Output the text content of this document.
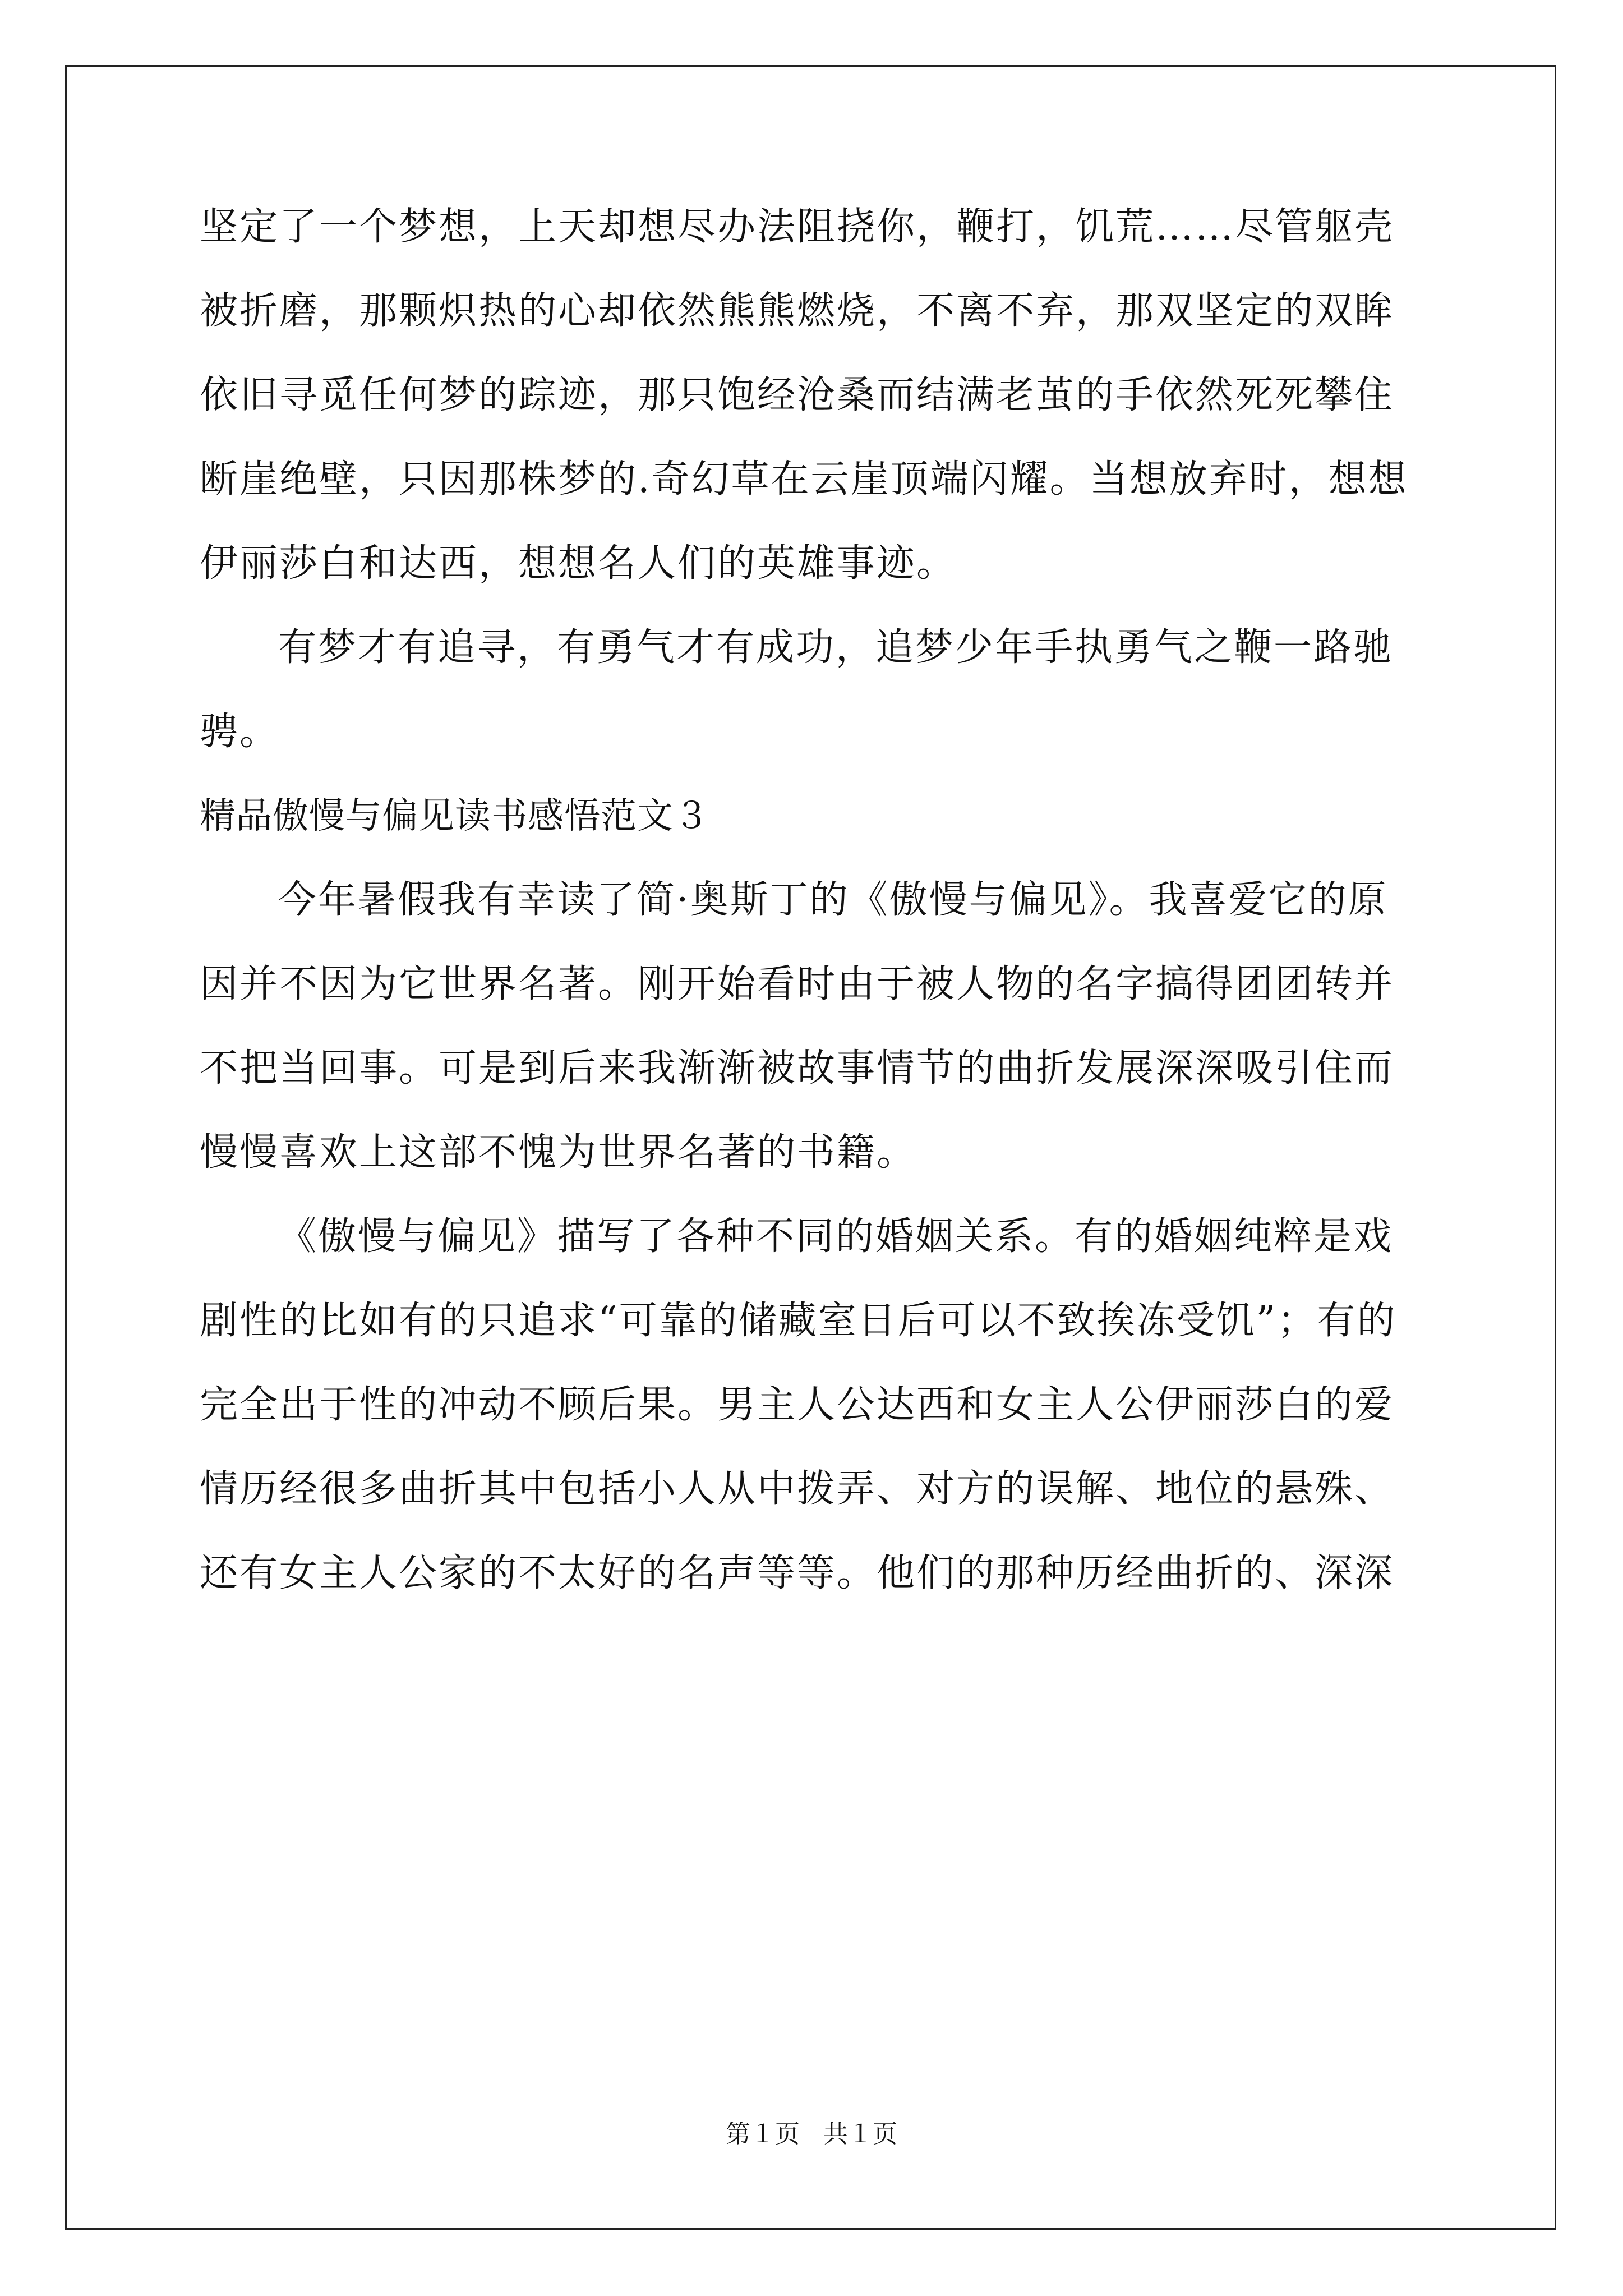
坚定了一个梦想，上天却想尽办法阻挠你，鞭打，饥荒……尽管躯壳
被折磨，那颗炽热的心却依然熊熊燃烧，不离不弃，那双坚定的双眸
依旧寻觅任何梦的踪迹，那只饱经沧桑而结满老茧的手依然死死攀住
断崖绝壁，只因那株梦的.奇幻草在云崖顶端闪耀。当想放弃时，想想
伊丽莎白和达西，想想名人们的英雄事迹。
有梦才有追寻，有勇气才有成功，追梦少年手执勇气之鞭一路驰
骋。
精品傲慢与偏见读书感悟范文３
今年暑假我有幸读了简·奥斯丁的《傲慢与偏见》。我喜爱它的原
因并不因为它世界名著。刚开始看时由于被人物的名字搞得团团转并
不把当回事。可是到后来我渐渐被故事情节的曲折发展深深吸引住而
慢慢喜欢上这部不愧为世界名著的书籍。
《傲慢与偏见》描写了各种不同的婚姻关系。有的婚姻纯粹是戏
剧性的比如有的只追求“可靠的储藏室日后可以不致挨冻受饥”；有的
完全出于性的冲动不顾后果。男主人公达西和女主人公伊丽莎白的爱
情历经很多曲折其中包括小人从中拨弄、对方的误解、地位的悬殊、
还有女主人公家的不太好的名声等等。他们的那种历经曲折的、深深
第１页 共１页
